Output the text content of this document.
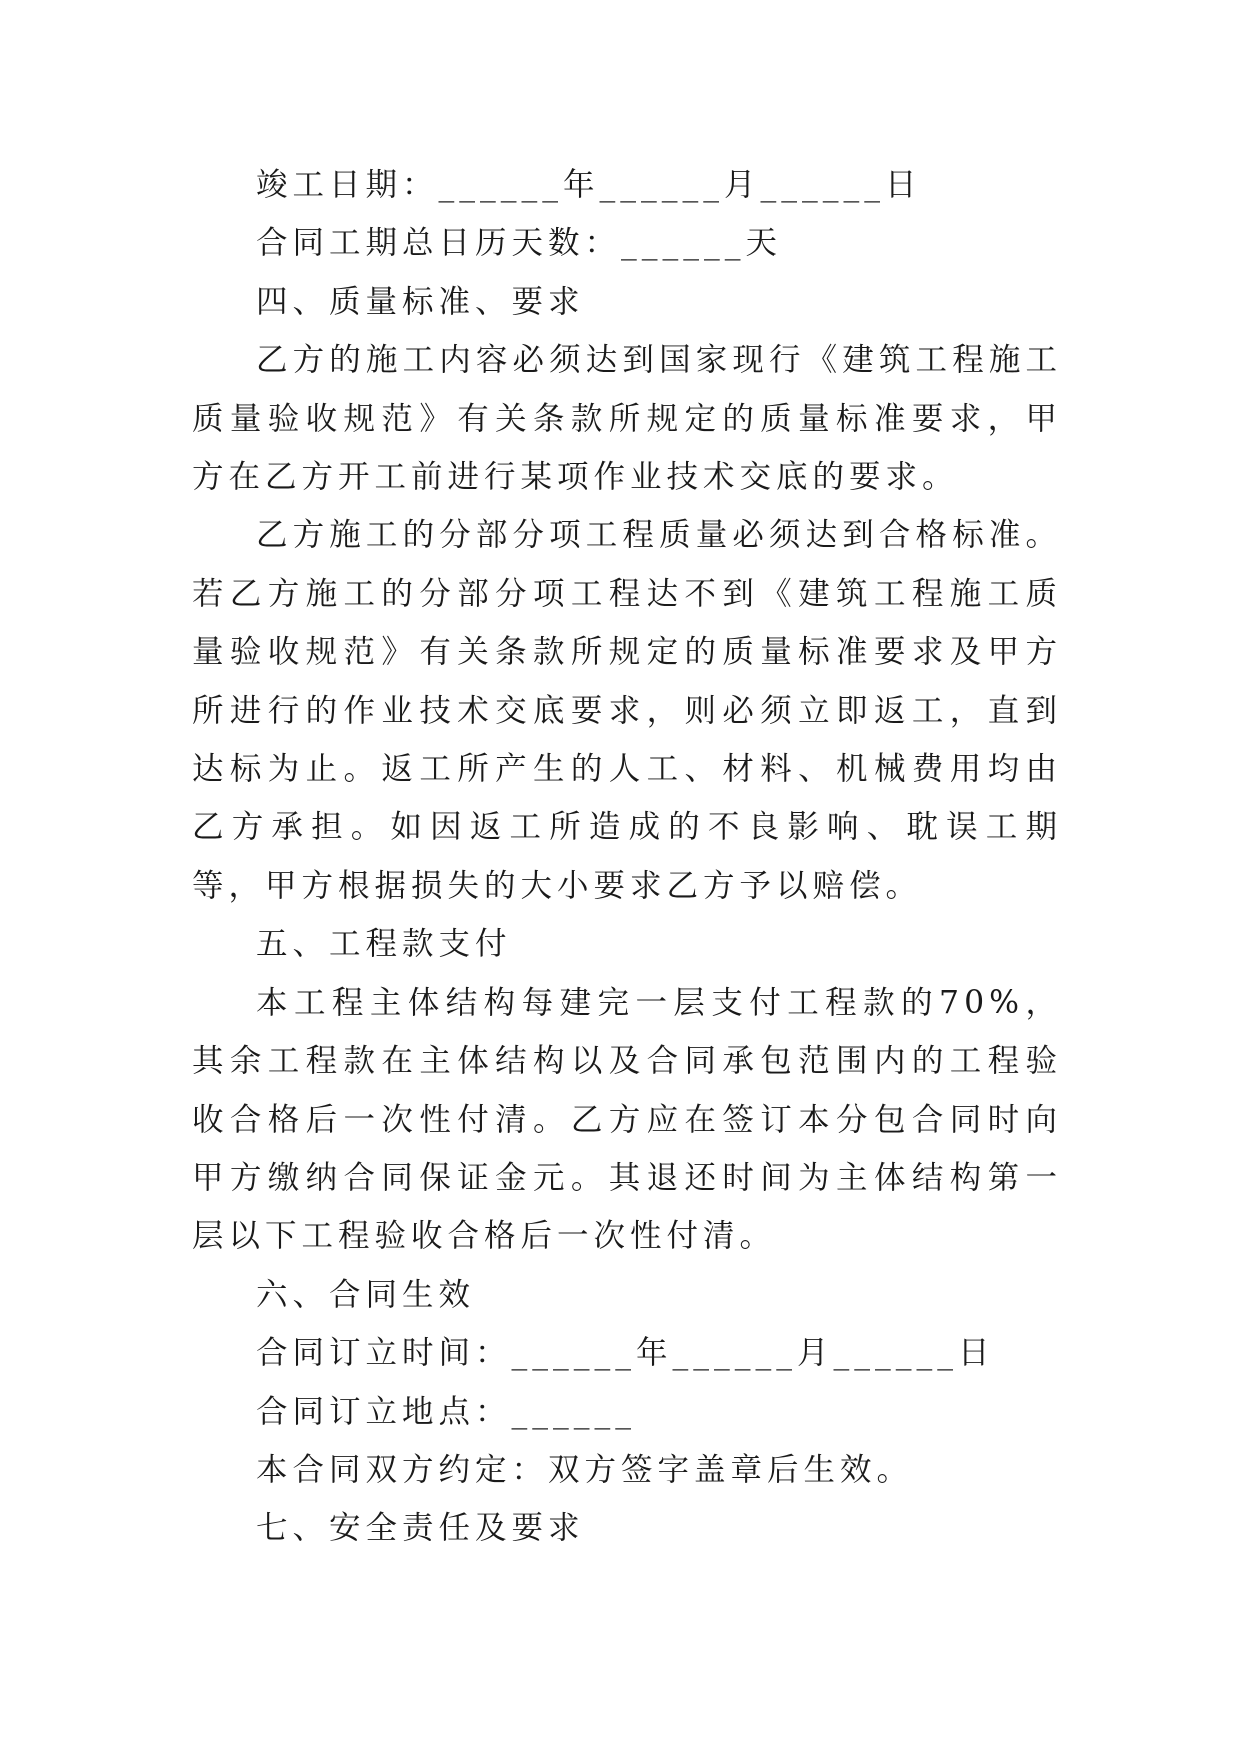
竣工日期：______年______月______日
合同工期总日历天数：______天
四、质量标准、要求

乙方的施工内容必须达到国家现行《建筑工程施工质量验收规范》有关条款所规定的质量标准要求，甲方在乙方开工前进行某项作业技术交底的要求。

乙方施工的分部分项工程质量必须达到合格标准。若乙方施工的分部分项工程达不到《建筑工程施工质量验收规范》有关条款所规定的质量标准要求及甲方所进行的作业技术交底要求，则必须立即返工，直到达标为止。返工所产生的人工、材料、机械费用均由乙方承担。如因返工所造成的不良影响、耽误工期等，甲方根据损失的大小要求乙方予以赔偿。

五、工程款支付

本工程主体结构每建完一层支付工程款的70%，其余工程款在主体结构以及合同承包范围内的工程验收合格后一次性付清。乙方应在签订本分包合同时向甲方缴纳合同保证金元。其退还时间为主体结构第一层以下工程验收合格后一次性付清。

六、合同生效
合同订立时间：______年______月______日
合同订立地点：______
本合同双方约定：双方签字盖章后生效。
七、安全责任及要求
